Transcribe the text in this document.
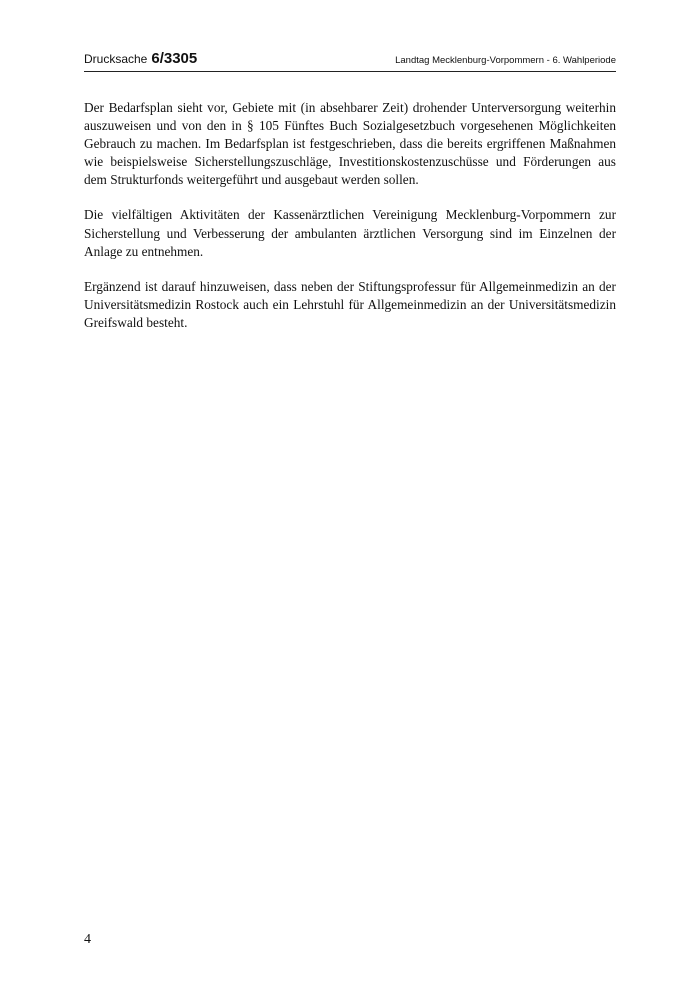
Drucksache 6/3305	Landtag Mecklenburg-Vorpommern - 6. Wahlperiode

Der Bedarfsplan sieht vor, Gebiete mit (in absehbarer Zeit) drohender Unterversorgung weiterhin auszuweisen und von den in § 105 Fünftes Buch Sozialgesetzbuch vorgesehenen Möglichkeiten Gebrauch zu machen. Im Bedarfsplan ist festgeschrieben, dass die bereits ergriffenen Maßnahmen wie beispielsweise Sicherstellungszuschläge, Investitionskostenzuschüsse und Förderungen aus dem Strukturfonds weitergeführt und ausgebaut werden sollen.

Die vielfältigen Aktivitäten der Kassenärztlichen Vereinigung Mecklenburg-Vorpommern zur Sicherstellung und Verbesserung der ambulanten ärztlichen Versorgung sind im Einzelnen der Anlage zu entnehmen.

Ergänzend ist darauf hinzuweisen, dass neben der Stiftungsprofessur für Allgemeinmedizin an der Universitätsmedizin Rostock auch ein Lehrstuhl für Allgemeinmedizin an der Universitätsmedizin Greifswald besteht.

4
